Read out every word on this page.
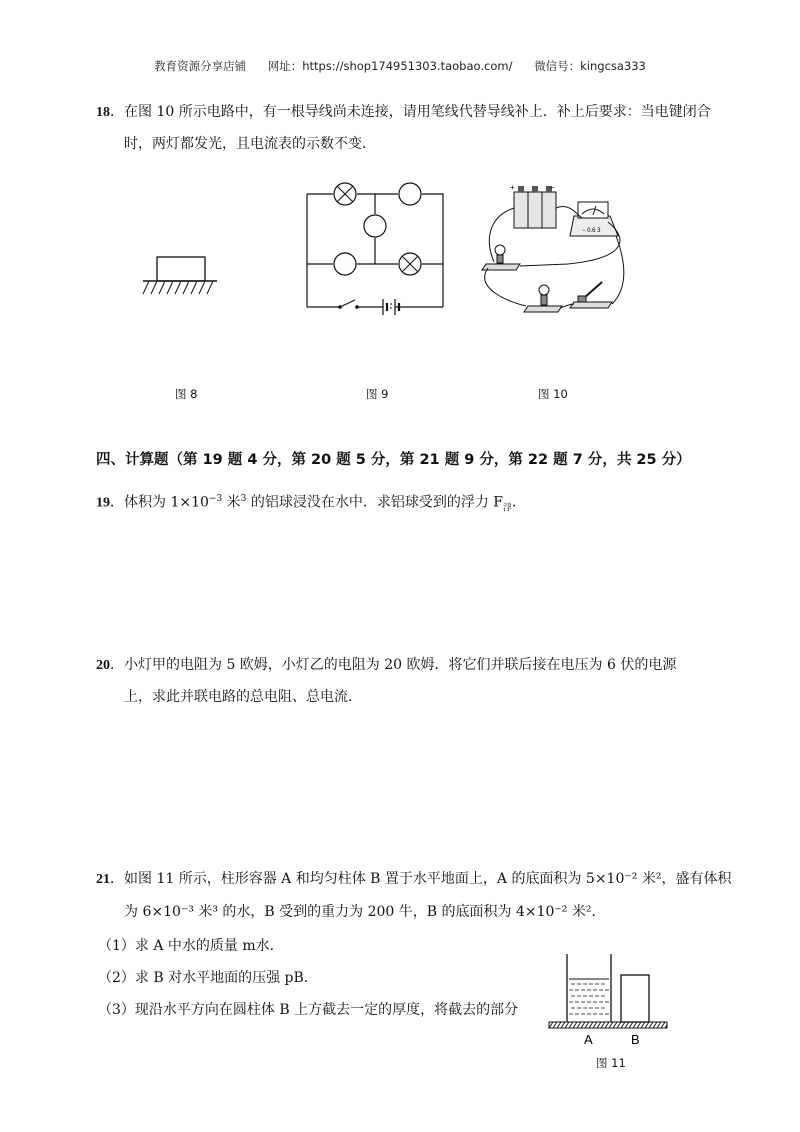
教育资源分享店铺 网址：https://shop174951303.taobao.com/ 微信号：kingcsa333
18．在图 10 所示电路中，有一根导线尚未连接，请用笔线代替导线补上．补上后要求：当电键闭合
时，两灯都发光，且电流表的示数不变．
+	−
− 0.6 3
图 8	图 9	图 10
四、计算题（第 19 题 4 分，第 20 题 5 分，第 21 题 9 分，第 22 题 7 分，共 25 分）
19．体积为 $1\times 10^{-3}$ 米$^3$ 的铝球浸没在水中．求铝球受到的浮力 $F_浮$．
20．小灯甲的电阻为 5 欧姆，小灯乙的电阻为 20 欧姆．将它们并联后接在电压为 6 伏的电源
上，求此并联电路的总电阻、总电流．
21．如图 11 所示，柱形容器 A 和均匀柱体 B 置于水平地面上，A 的底面积为 5×10⁻² 米²，盛有体积
为 6×10⁻³ 米³ 的水，B 受到的重力为 200 牛，B 的底面积为 4×10⁻² 米²．
（1）求 A 中水的质量 m水．
（2）求 B 对水平地面的压强 pB．
（3）现沿水平方向在圆柱体 B 上方截去一定的厚度，将截去的部分
A	B
图 11
